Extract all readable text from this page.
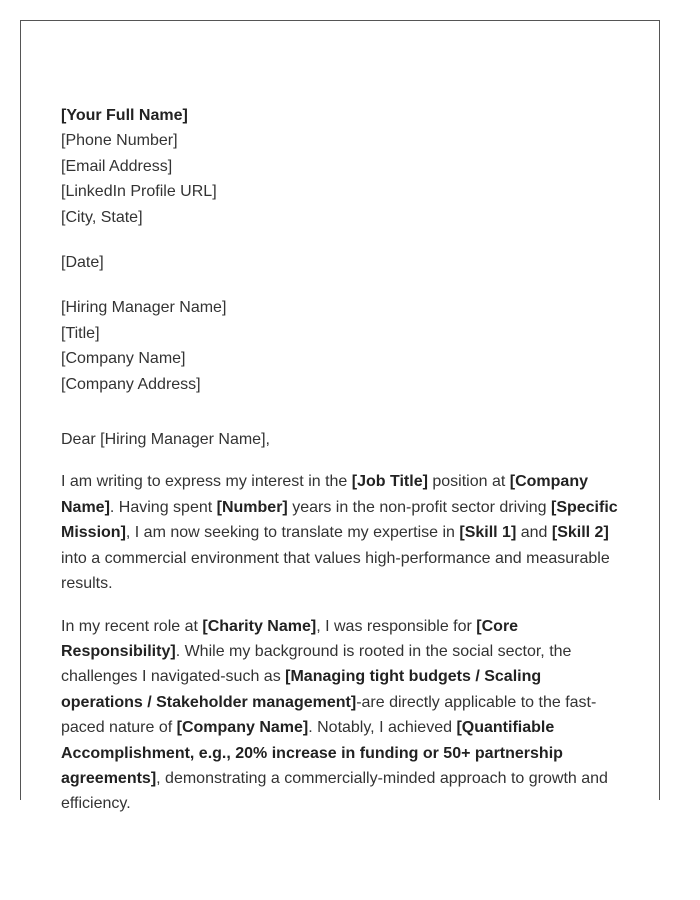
[Your Full Name]
[Phone Number]
[Email Address]
[LinkedIn Profile URL]
[City, State]
[Date]
[Hiring Manager Name]
[Title]
[Company Name]
[Company Address]

Dear [Hiring Manager Name],

I am writing to express my interest in the [Job Title] position at [Company Name]. Having spent [Number] years in the non-profit sector driving [Specific Mission], I am now seeking to translate my expertise in [Skill 1] and [Skill 2] into a commercial environment that values high-performance and measurable results.

In my recent role at [Charity Name], I was responsible for [Core Responsibility]. While my background is rooted in the social sector, the challenges I navigated-such as [Managing tight budgets / Scaling operations / Stakeholder management]-are directly applicable to the fast-paced nature of [Company Name]. Notably, I achieved [Quantifiable Accomplishment, e.g., 20% increase in funding or 50+ partnership agreements], demonstrating a commercially-minded approach to growth and efficiency.
